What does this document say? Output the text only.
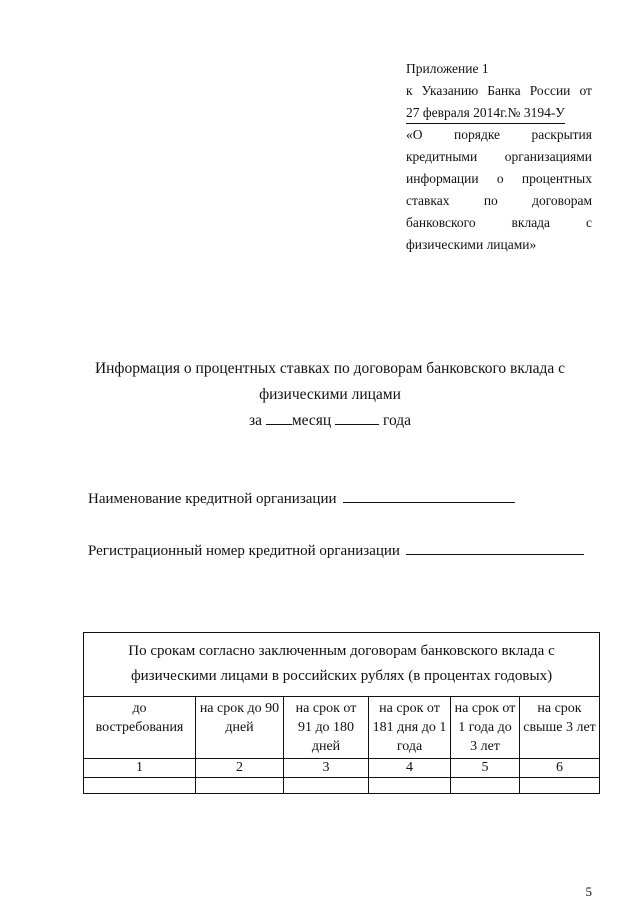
Приложение 1
к Указанию Банка России от
27 февраля 2014г.№ 3194-У
«О порядке раскрытия
кредитными организациями
информации о процентных
ставках по договорам
банковского вклада с
физическими лицами»
Информация о процентных ставках по договорам банковского вклада с
физическими лицами
за месяц	года
Наименование кредитной организации
Регистрационный номер кредитной организации
По срокам согласно заключенным договорам банковского вклада с физическими лицами в российских рублях (в процентах годовых)					
до востребования	на срок до 90 дней	на срок от 91 до 180 дней	на срок от 181 дня до 1 года	на срок от 1 года до 3 лет	на срок свыше 3 лет
1	2	3	4	5	6

5
